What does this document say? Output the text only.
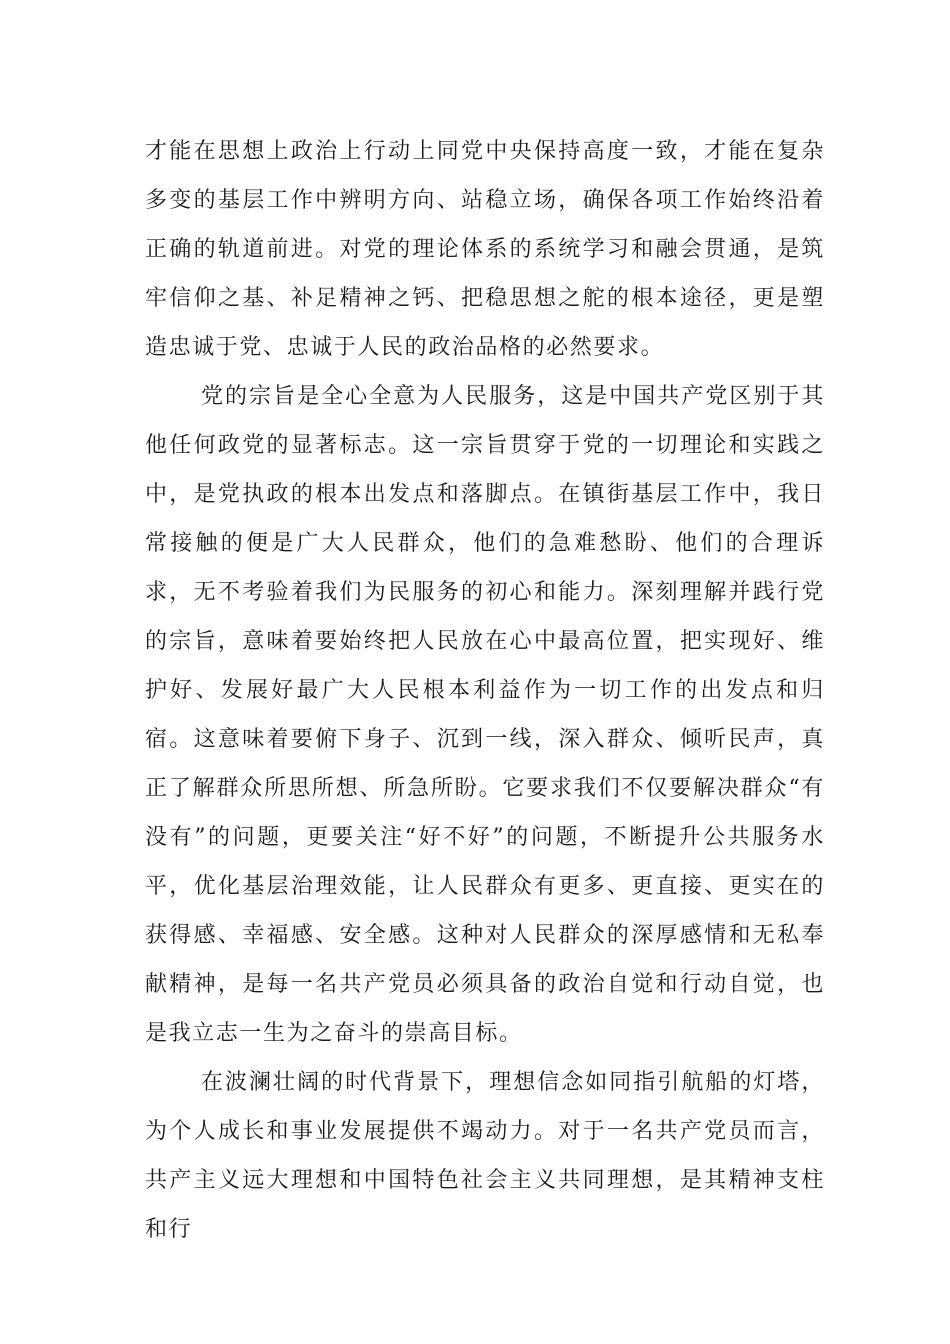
才能在思想上政治上行动上同党中央保持高度一致，才能在复杂多变的基层工作中辨明方向、站稳立场，确保各项工作始终沿着正确的轨道前进。对党的理论体系的系统学习和融会贯通，是筑牢信仰之基、补足精神之钙、把稳思想之舵的根本途径，更是塑造忠诚于党、忠诚于人民的政治品格的必然要求。

党的宗旨是全心全意为人民服务，这是中国共产党区别于其他任何政党的显著标志。这一宗旨贯穿于党的一切理论和实践之中，是党执政的根本出发点和落脚点。在镇街基层工作中，我日常接触的便是广大人民群众，他们的急难愁盼、他们的合理诉求，无不考验着我们为民服务的初心和能力。深刻理解并践行党的宗旨，意味着要始终把人民放在心中最高位置，把实现好、维护好、发展好最广大人民根本利益作为一切工作的出发点和归宿。这意味着要俯下身子、沉到一线，深入群众、倾听民声，真正了解群众所思所想、所急所盼。它要求我们不仅要解决群众“有没有”的问题，更要关注“好不好”的问题，不断提升公共服务水平，优化基层治理效能，让人民群众有更多、更直接、更实在的获得感、幸福感、安全感。这种对人民群众的深厚感情和无私奉献精神，是每一名共产党员必须具备的政治自觉和行动自觉，也是我立志一生为之奋斗的崇高目标。

在波澜壮阔的时代背景下，理想信念如同指引航船的灯塔，为个人成长和事业发展提供不竭动力。对于一名共产党员而言，共产主义远大理想和中国特色社会主义共同理想，是其精神支柱和行
